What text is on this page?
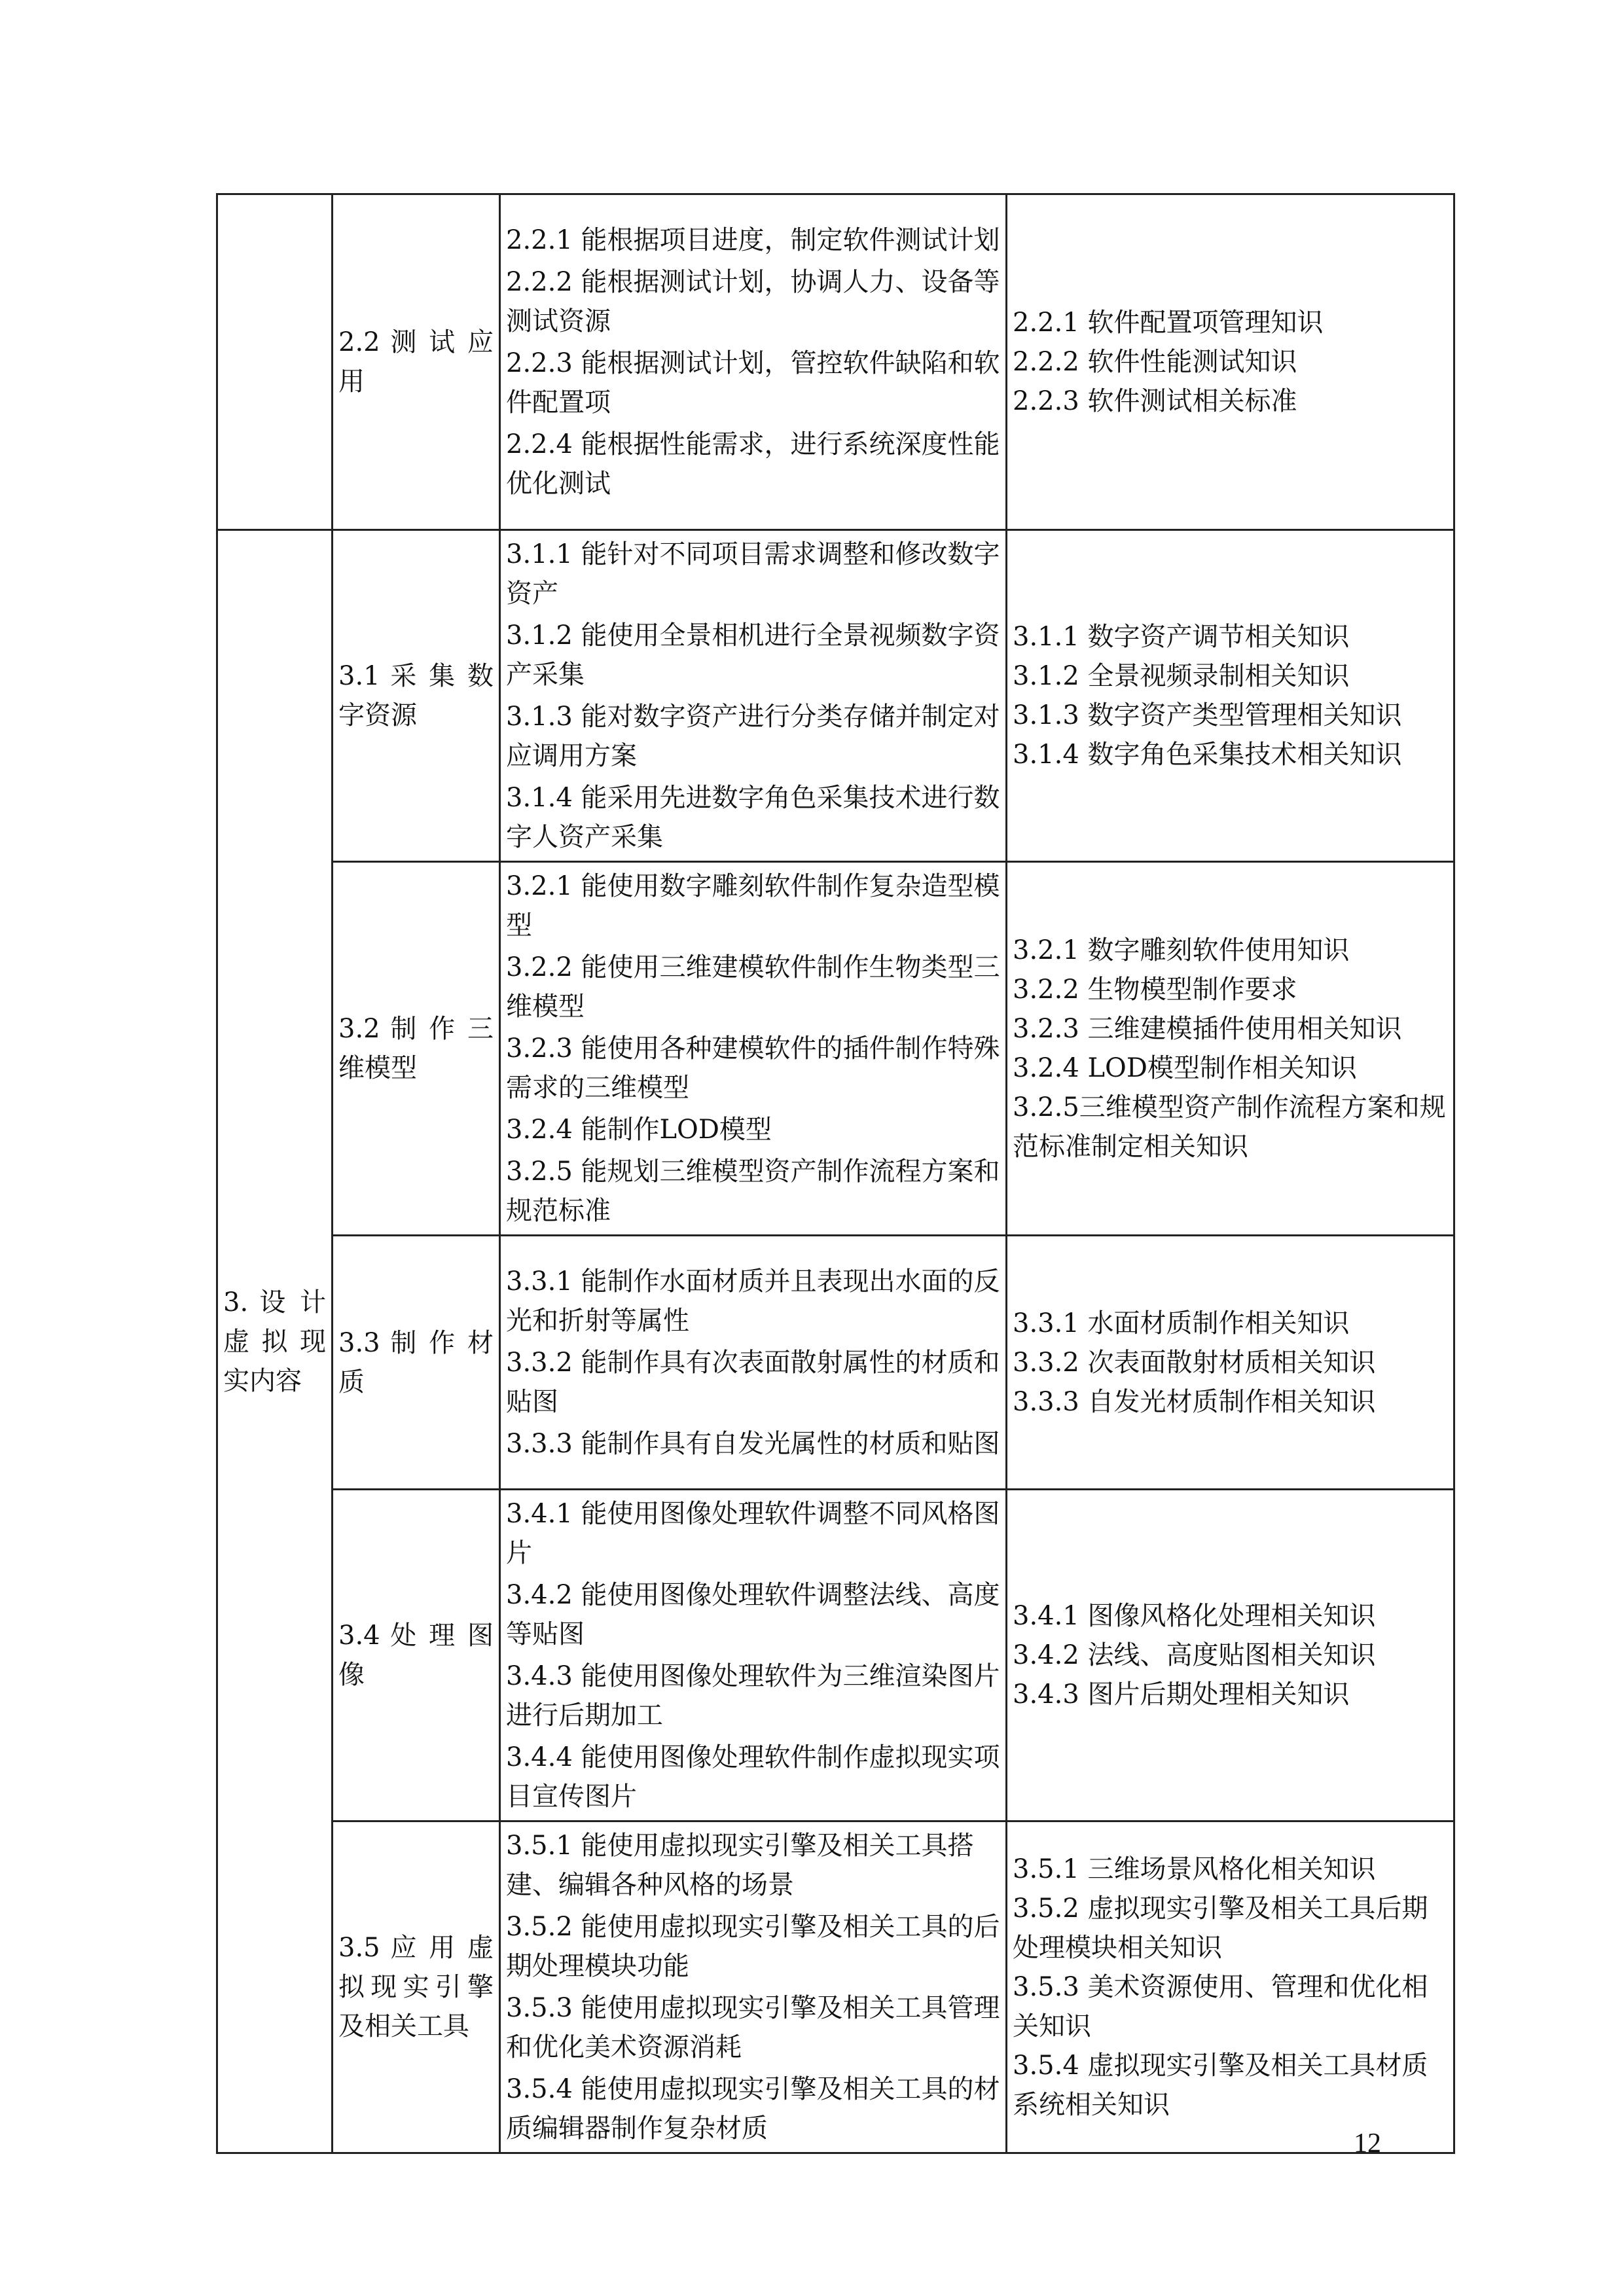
	2.2 测 试 应 用	2.2.1 能根据项目进度，制定软件测试计划
2.2.2 能根据测试计划，协调人力、设备等测试资源
2.2.3 能根据测试计划，管控软件缺陷和软件配置项
2.2.4 能根据性能需求，进行系统深度性能优化测试	2.2.1 软件配置项管理知识
2.2.2 软件性能测试知识
2.2.3 软件测试相关标准

3. 设 计 虚 拟 现 实内容	3.1 采 集 数 字资源	3.1.1 能针对不同项目需求调整和修改数字资产
3.1.2 能使用全景相机进行全景视频数字资产采集
3.1.3 能对数字资产进行分类存储并制定对应调用方案
3.1.4 能采用先进数字角色采集技术进行数字人资产采集	3.1.1 数字资产调节相关知识
3.1.2 全景视频录制相关知识
3.1.3 数字资产类型管理相关知识
3.1.4 数字角色采集技术相关知识

	3.2 制 作 三 维模型	3.2.1 能使用数字雕刻软件制作复杂造型模型
3.2.2 能使用三维建模软件制作生物类型三维模型
3.2.3 能使用各种建模软件的插件制作特殊需求的三维模型
3.2.4 能制作LOD模型
3.2.5 能规划三维模型资产制作流程方案和规范标准	3.2.1 数字雕刻软件使用知识
3.2.2 生物模型制作要求
3.2.3 三维建模插件使用相关知识
3.2.4 LOD模型制作相关知识
3.2.5三维模型资产制作流程方案和规范标准制定相关知识

	3.3 制 作 材 质	3.3.1 能制作水面材质并且表现出水面的反光和折射等属性
3.3.2 能制作具有次表面散射属性的材质和贴图
3.3.3 能制作具有自发光属性的材质和贴图	3.3.1 水面材质制作相关知识
3.3.2 次表面散射材质相关知识
3.3.3 自发光材质制作相关知识

	3.4 处 理 图 像	3.4.1 能使用图像处理软件调整不同风格图片
3.4.2 能使用图像处理软件调整法线、高度等贴图
3.4.3 能使用图像处理软件为三维渲染图片进行后期加工
3.4.4 能使用图像处理软件制作虚拟现实项目宣传图片	3.4.1 图像风格化处理相关知识
3.4.2 法线、高度贴图相关知识
3.4.3 图片后期处理相关知识

	3.5 应 用 虚 拟现实引擎 及相关工具	3.5.1 能使用虚拟现实引擎及相关工具搭建、编辑各种风格的场景
3.5.2 能使用虚拟现实引擎及相关工具的后期处理模块功能
3.5.3 能使用虚拟现实引擎及相关工具管理和优化美术资源消耗
3.5.4 能使用虚拟现实引擎及相关工具的材质编辑器制作复杂材质	3.5.1 三维场景风格化相关知识
3.5.2 虚拟现实引擎及相关工具后期处理模块相关知识
3.5.3 美术资源使用、管理和优化相关知识
3.5.4 虚拟现实引擎及相关工具材质系统相关知识
12
